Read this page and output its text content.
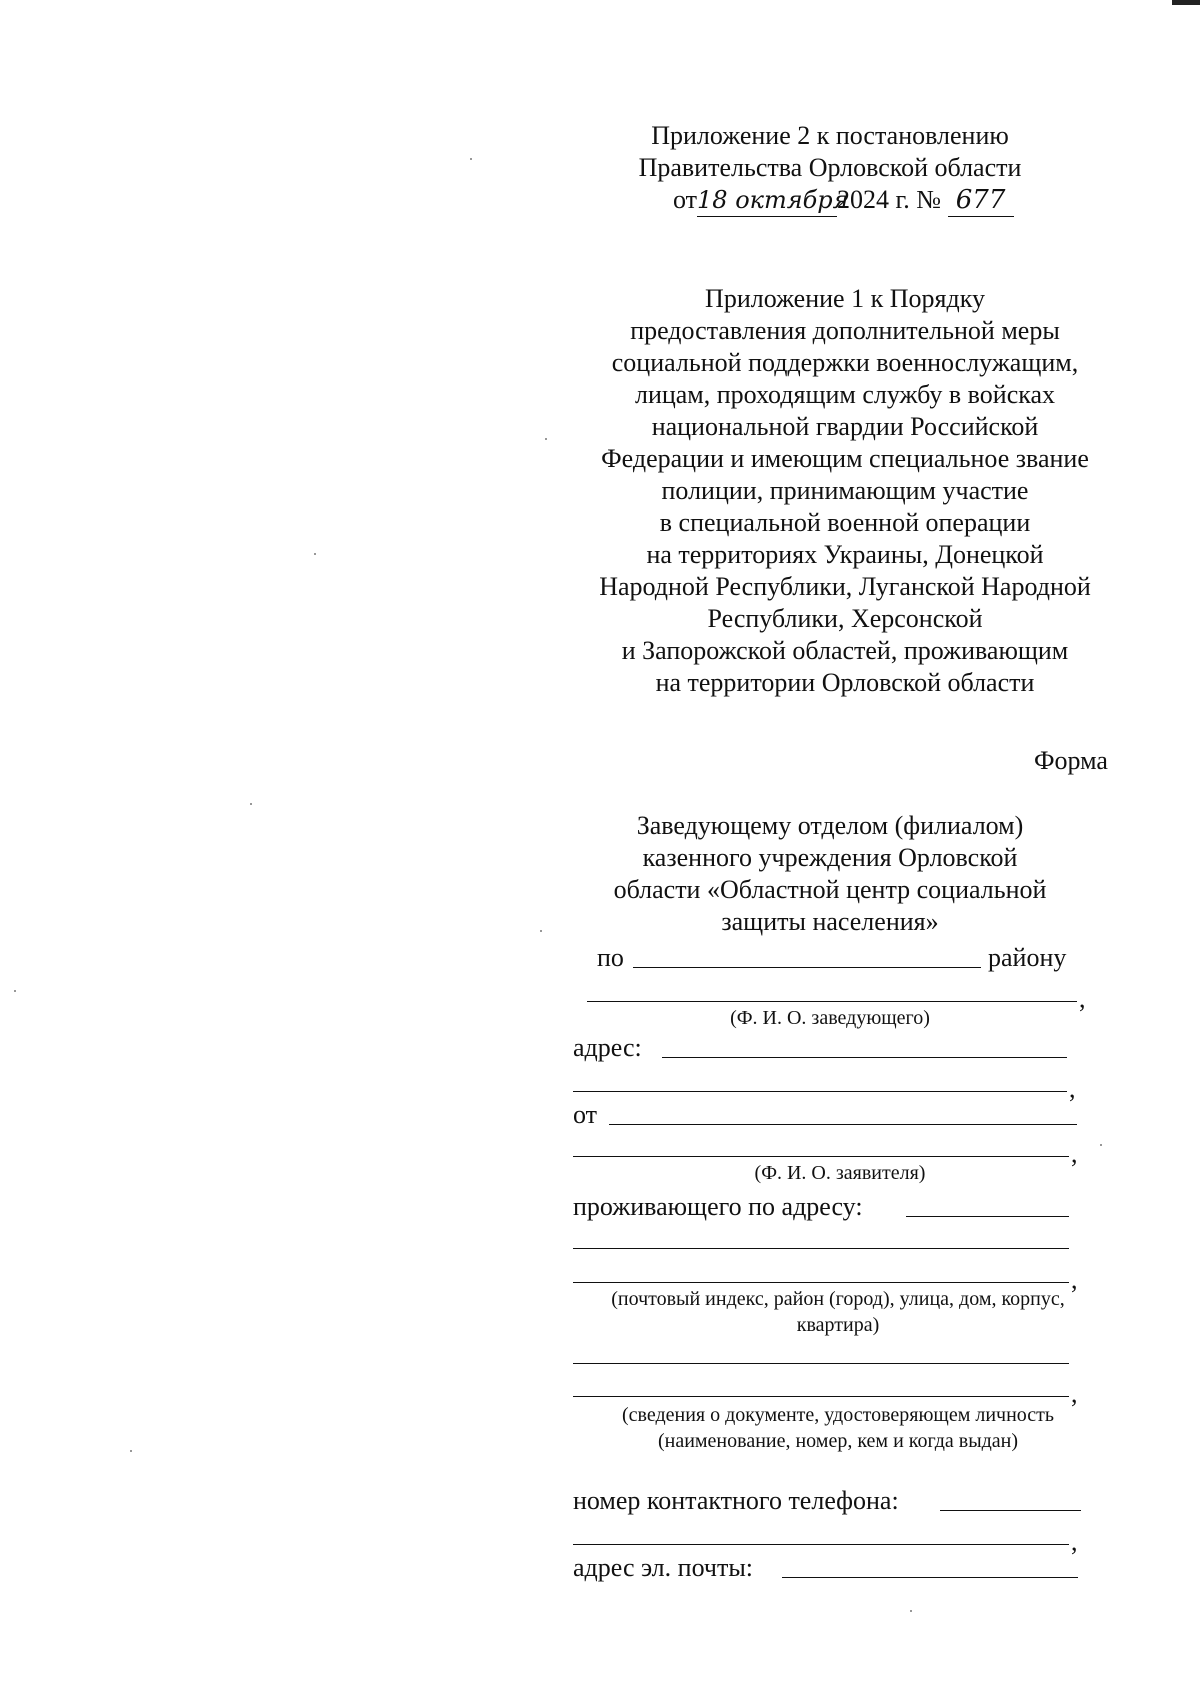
Приложение 2 к постановлению
Правительства Орловской области
от18 октября2024 г. № 677
Приложение 1 к Порядку
предоставления дополнительной меры
социальной поддержки военнослужащим,
лицам, проходящим службу в войсках
национальной гвардии Российской
Федерации и имеющим специальное звание
полиции, принимающим участие
в специальной военной операции
на территориях Украины, Донецкой
Народной Республики, Луганской Народной
Республики, Херсонской
и Запорожской областей, проживающим
на территории Орловской области
Форма
Заведующему отделом (филиалом)
казенного учреждения Орловской
области «Областной центр социальной
защиты населения»
по	району
,
(Ф. И. О. заведующего)
адрес:
,
от
,
(Ф. И. О. заявителя)
проживающего по адресу:
,
(почтовый индекс, район (город), улица, дом, корпус,
квартира)
,
(сведения о документе, удостоверяющем личность
(наименование, номер, кем и когда выдан)
номер контактного телефона:
,
адрес эл. почты:
